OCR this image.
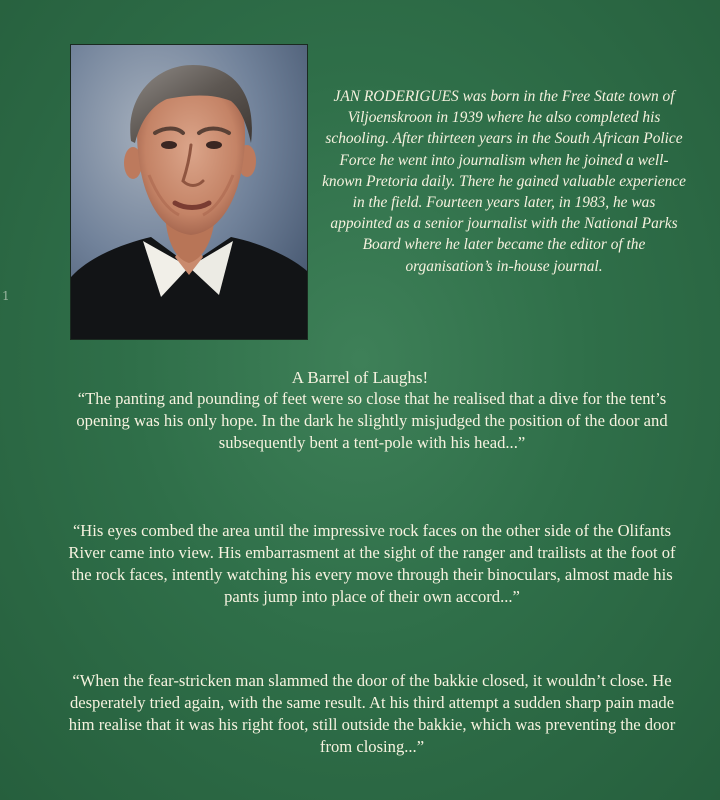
JAN RODERIGUES was born in the Free State town of Viljoenskroon in 1939 where he also completed his schooling. After thirteen years in the South African Police Force he went into journalism when he joined a well-known Pretoria daily. There he gained valuable experience in the field. Fourteen years later, in 1983, he was appointed as a senior journalist with the National Parks Board where he later became the editor of the organisation’s in-house journal.

1
A Barrel of Laughs!

“The panting and pounding of feet were so close that he realised that a dive for the tent’s opening was his only hope. In the dark he slightly misjudged the position of the door and subsequently bent a tent-pole with his head...”

“His eyes combed the area until the impressive rock faces on the other side of the Olifants River came into view. His embarrasment at the sight of the ranger and trailists at the foot of the rock faces, intently watching his every move through their binoculars, almost made his pants jump into place of their own accord...”

“When the fear-stricken man slammed the door of the bakkie closed, it wouldn’t close. He desperately tried again, with the same result. At his third attempt a sudden sharp pain made him realise that it was his right foot, still outside the bakkie, which was preventing the door from closing...”
